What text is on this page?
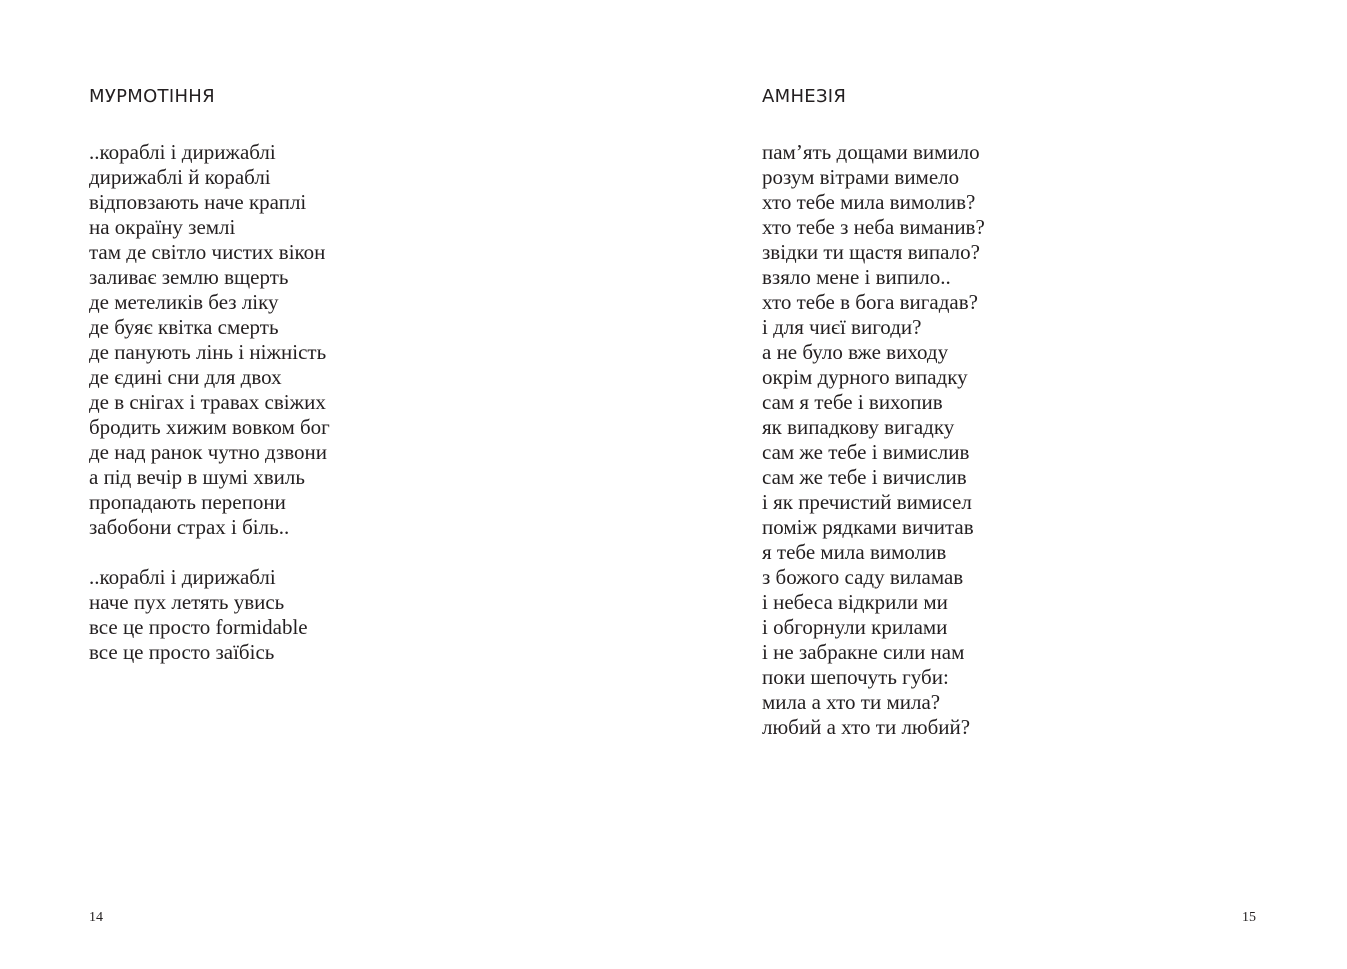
МУРМОТІННЯ
..кораблі і дирижаблі
дирижаблі й кораблі
відповзають наче краплі
на окраїну землі
там де світло чистих вікон
заливає землю вщерть
де метеликів без ліку
де буяє квітка смерть
де панують лінь і ніжність
де єдині сни для двох
де в снігах і травах свіжих
бродить хижим вовком бог
де над ранок чутно дзвони
а під вечір в шумі хвиль
пропадають перепони
забобони страх і біль..
..кораблі і дирижаблі
наче пух летять увись
все це просто formidable
все це просто заїбісь
14
АМНЕЗІЯ
пам’ять дощами вимило
розум вітрами вимело
хто тебе мила вимолив?
хто тебе з неба виманив?
звідки ти щастя випало?
взяло мене і випило..
хто тебе в бога вигадав?
і для чиєї вигоди?
а не було вже виходу
окрім дурного випадку
сам я тебе і вихопив
як випадкову вигадку
сам же тебе і вимислив
сам же тебе і вичислив
і як пречистий вимисел
поміж рядками вичитав
я тебе мила вимолив
з божого саду виламав
і небеса відкрили ми
і обгорнули крилами
і не забракне сили нам
поки шепочуть губи:
мила а хто ти мила?
любий а хто ти любий?
15
